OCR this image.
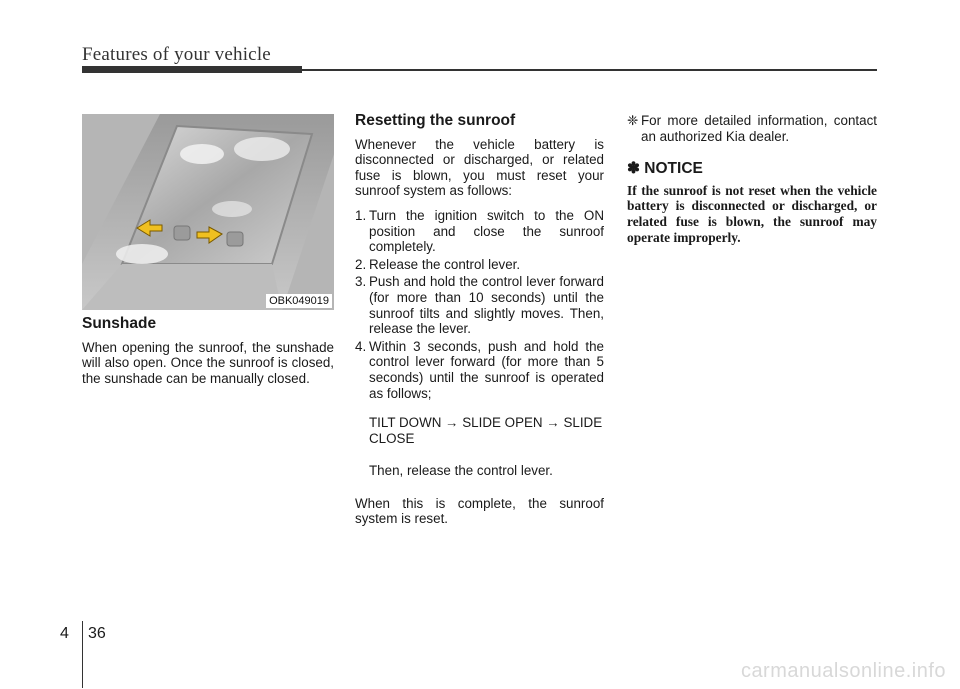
Features of your vehicle
OBK049019
Sunshade
When opening the sunroof, the sunshade will also open. Once the sunroof is closed, the sunshade can be manually closed.
Resetting the sunroof
Whenever the vehicle battery is disconnected or discharged, or related fuse is blown, you must reset your sunroof system as follows:
1. Turn the ignition switch to the ON position and close the sunroof completely.
2. Release the control lever.
3. Push and hold the control lever forward (for more than 10 seconds) until the sunroof tilts and slightly moves. Then, release the lever.
4. Within 3 seconds, push and hold the control lever forward (for more than 5 seconds) until the sunroof is operated as follows;
TILT DOWN → SLIDE OPEN → SLIDE CLOSE
Then, release the control lever.
When this is complete, the sunroof system is reset.
❈ For more detailed information, contact an authorized Kia dealer.
✽ NOTICE
If the sunroof is not reset when the vehicle battery is disconnected or discharged, or related fuse is blown, the sunroof may operate improperly.
4 36
carmanualsonline.info
